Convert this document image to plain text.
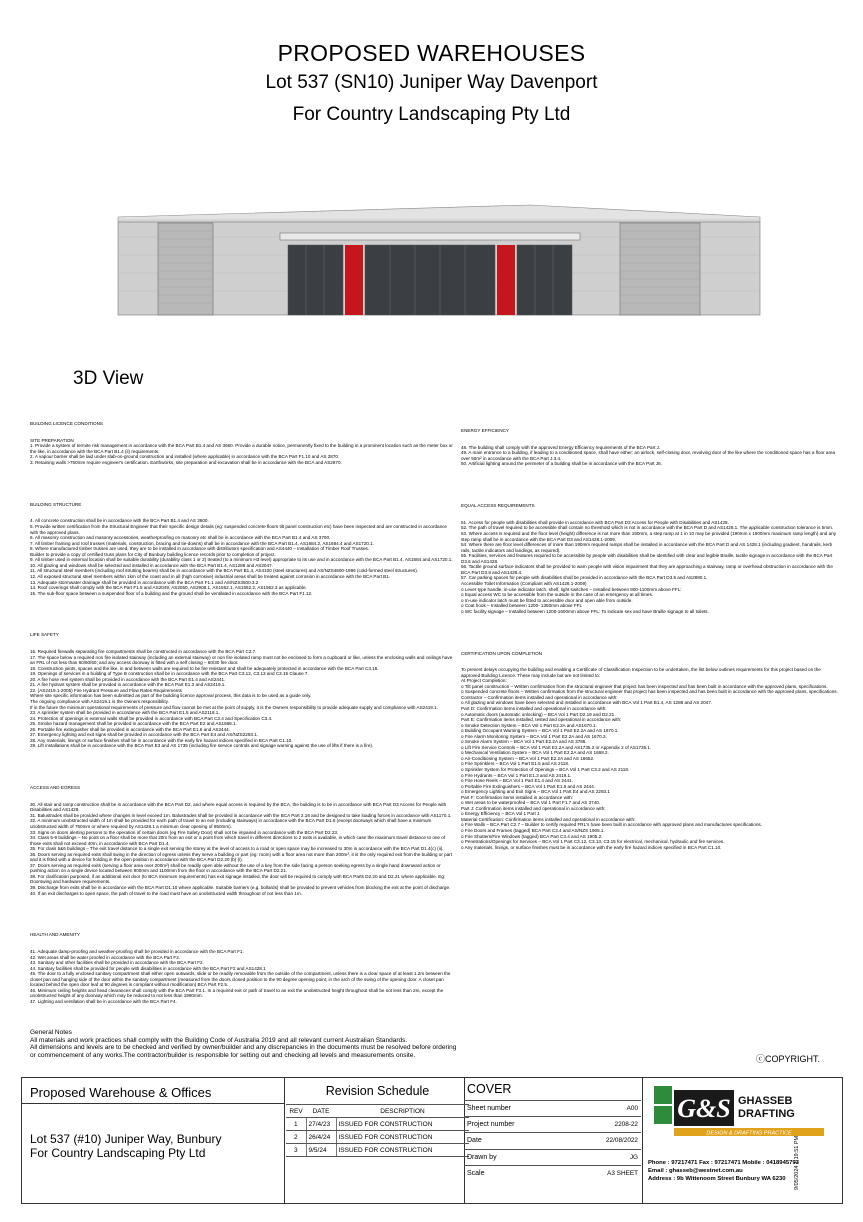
PROPOSED WAREHOUSES
Lot 537 (SN10) Juniper Way Davenport
For Country Landscaping Pty Ltd
3D View

BUILDING LICENCE CONDITIONS

SITE PREPARATION
1. Provide a system of termite risk management in accordance with the BCA Part B1.4 and AS 3660. Provide a durable notice, permanently fixed to the building in a prominent location such as the meter box or the like, in accordance with the BCA Part B1.4 (ii) requirements.
2. A vapour barrier shall be laid under slab-on-ground construction and installed (where applicable) in accordance with the BCA Part F1.10 and AS 2870.
3. Retaining walls >750mm require engineer's certification. Earthworks, site preparation and excavation shall be in accordance with the BCA and AS2870.

BUILDING STRUCTURE

4. All concrete construction shall be in accordance with the BCA Part B1.4 and AS 3600.
5. Provide written certification from the Structural Engineer that their specific design details (eg: suspended concrete floors tilt panel construction etc) have been inspected and are constructed in accordance with the approved plans.
6. All masonry construction and masonry accessories, weatherproofing on masonry etc shall be in accordance with the BCA Part B1.4 and AS 3700.
7. All timber framing and roof trusses (materials, construction, bracing and tie-downs) shall be in accordance with the BCA Part B1.4, AS1684.2, AS1684.4 and AS1720.1.
8. Where manufactured timber trusses are used, they are to be installed in accordance with distributors specification and AS4440 – Installation of Timber Roof Trusses.
Builder to provide a copy of certified truss plans for City of Bunbury building licence records prior to completion of project.
9. All timber used in external location shall be suitable durability (durability class 1 or 2) treated (to a minimum H3 level) appropriate to its use and in accordance with the BCA Part B1.4, AS1684 and AS1720.1.
10. All glazing and windows shall be selected and installed in accordance with the BCA Part B1.4, AS1288 and AS2047.
11. All structural steel members (including roof strutting beams) shall be in accordance with the BCA Part B1.4, AS4100 (steel structures) and AS/NZS4600-1996 (cold-formed steel structures).
12. All exposed structural steel members within 1km of the coast and in all (high corrosive) industrial areas shall be treated against corrosion in accordance with the BCA Part B1.
13. Adequate stormwater drainage shall be provided in accordance with the BCA Part F1.1 and AS/NZS3500.3.2
14. Roof coverings shall comply with the BCA Part F1.5 and AS2049, AS2050, AS2908.1, AS1562.1, AS1562.2, AS1562.3 as applicable.
15. The sub-floor space between a suspended floor of a building and the ground shall be ventilated in accordance with the BCA Part F1.12.

LIFE SAFETY

16. Required firewalls separating fire compartments shall be constructed in accordance with the BCA Part C2.7.
17. The space below a required non fire isolated stairway (including an external stairway) or non fire isolated ramp must not be enclosed to form a cupboard or like, unless the enclosing walls and ceilings have an FRL of not less than 60/60/60; and any access doorway is fitted with a self closing – 60/30 fire door.
18. Construction joints, spaces and the like, in and between walls are required to be fire resistant and shall be adequately protected in accordance with the BCA Part C3.16.
19. Openings of services in a building of Type B construction shall be in accordance with the BCA Part C3.12, C3.13 and C3.15 Clause 7.
20. A fire hose reel system shall be provided in accordance with the BCA Part E1.4 and AS2441.
21. A fire hydrant system shall be provided in accordance with the BCA Part E1.3 and AS2419.1.
22. (AS2419.1-2005) Fire Hydrant Pressure and Flow Rates Requirements
Where site specific information has been submitted as part of the building licence approval process, this data is to be used as a guide only.
The ongoing compliance with AS2419.1 is the Owners responsibility.
If in the future the minimum operational requirements of pressure and flow cannot be met at the point of supply, it is the Owners responsibility to provide adequate supply and compliance with AS2419.1.
23. A sprinkler system shall be provided in accordance with the BCA Part E1.5 and AS2118.1.
24. Protection of openings in external walls shall be provided in accordance with BCA Part C3.4 and Specification C3.4.
25. Smoke hazard management shall be provided in accordance with the BCA Part E2 and AS1668.1.
26. Portable fire extinguisher shall be provided in accordance with the BCA Part E1.6 and AS2444.
27. Emergency lighting and exit signs shall be provided in accordance with the BCA Part E4 and AS/NZS2293.1.
28. Any materials, linings or surface finishes shall be in accordance with the early fire hazard indices specified in BCA Part C1.10.
29. Lift installations shall be in accordance with the BCA Part E3 and AS 1735 (including fire service controls and signage warning against the use of lifts if there is a fire).

ACCESS AND EGRESS

30. All stair and ramp construction shall be in accordance with the BCA Part D2, and where equal access is required by the BCA, the building is to be in accordance with BCA Part D3 Access for People with Disabilities and AS1428.
31. Balustrades shall be provided where changes in level exceed 1m. Balustrades shall be provided in accordance with the BCA Part 2.16 and be designed to take loading forces in accordance with AS1170.1.
32. A minimum unobstructed width of 1m shall be provided for each path of travel to an exit (including stairways) in accordance with the BCA Part D1.6 (except doorways which shall have a minimum unobstructed width of 750mm or where required by AS1428.1 a minimum clear opening of 850mm).
33. Signs on doors alerting persons to the operation of certain doors (eg Fire Safety Door) shall not be impaired in accordance with the BCA Part D2.23.
34. Class 5-9 buildings – No point on a floor shall be more that 20m from an exit or a point from which travel in different directions to 2 exits is available, in which case the maximum travel distance to one of those exits shall not exceed 40m, in accordance with BCA Part D1.4.
35. For class 5&6 buildings – The exit travel distance to a single exit serving the storey at the level of access to a road or open space may be increased to 30m in accordance with the BCA Part D1.4(c) (ii).
36. Doors serving as required exits shall swing in the direction of egress unless they serve a building or part (eg: room) with a floor area not more than 200m², it is the only required exit from the building or part and it is fitted with a device for holding in the open position in accordance with the BCA Part D2.20 (b) (i).
37. Doors serving as required exits (serving a floor area over 200m²) shall be readily open able without the use of a key from the side facing a person seeking egress by a single hand downward action or pushing action on a single device located between 900mm and 1100mm from the floor in accordance with the BCA Part D2.21.
38. For clarification purposed, if an additional exit door (to BCA minimum requirements) has exit signage installed, the door will be required to comply with BCA Parts D2.20 and D2.21 where applicable. Eg: Doorswing and hardware requirements.
39. Discharge from exits shall be in accordance with the BCA Part D1.10 where applicable. Suitable barriers (e.g. bollards) shall be provided to prevent vehicles from blocking the exit at the point of discharge.
40. If an exit discharges to open space, the path of travel to the road must have an unobstructed width throughout of not less than 1m.

HEALTH AND AMENITY

41. Adequate damp-proofing and weather-proofing shall be provided in accordance with the BCA Part F1.
42. Wet areas shall be water proofed in accordance with the BCA Part F2.
43. Sanitary and other facilities shall be provided in accordance with the BCA Part F2.
44. Sanitary facilities shall be provided for people with disabilities in accordance with the BCA Part F2 and AS1428.1
45. The door to a fully enclosed sanitary compartment shall either open outwards, slide or be readily removable from the outside of the compartment, unless there is a clear space of at least 1.2m between the closet pan and hanging side of the door within the sanitary compartment (measured from the doors closed position to the 90 degree opening point, in the arch of the swing of the opening door. A closet pan located behind the open door leaf at 90 degrees is compliant without modification) BCA Part F2.5.
46. Minimum ceiling heights and head clearances shall comply with the BCA Part F3.1. In a required exit or path of travel to an exit the unobstructed height throughout shall be not less than 2m, except the unobstructed height of any doorway which may be reduced to not less than 1980mm.
47. Lighting and ventilation shall be in accordance with the BCA Part F4.

ENERGY EFFICIENCY

48. The building shall comply with the approved Energy Efficiency requirements of the BCA Part J.
49. A main entrance to a building, if leading to a conditioned space, shall have either: an airlock, self-closing door, revolving door of the like where the conditioned space has a floor area over 50m² in accordance with the BCA Part J.3.4.
50. Artificial lighting around the perimeter of a building shall be in accordance with the BCA Part J6.

EQUAL ACCESS REQUIREMENTS

51. Access for people with disabilities shall provide in accordance with BCA Part D3 Access for People with Disabilities and AS1428.
52. The path of travel required to be accessible shall contain no threshold which is not in accordance with the BCA Part D and AS1428.1. The applicable construction tolerance is 5mm.
53. Where access is required and the floor level (height) difference is not more than 190mm, a step ramp at 1 in 10 may be provided (190mm x 1900mm maximum ramp length) and any step ramp shall be in accordance with the BCA Part D3 and AS1428.1-2009.
54. Where there are floor level differences of more than 190mm required ramps shall be installed in accordance with the BCA Part D and AS 1428.1 (including gradient, handrails, kerb rails, tactile indicators and landings, as required).
55. Facilities, services and features required to be accessible by people with disabilities shall be identified with clear and legible Braille, tactile signage in accordance with the BCA Part D3.6 and AS1428.
56. Tactile ground surface indicators shall be provided to warn people with vision impairment that they are approaching a stairway, ramp or overhead obstruction in accordance with the BCA Part D3.8 and AS1428.4.
57. Car parking spaces for people with disabilities shall be provided in accordance with the BCA Part D3.5 and AS2890.1.
Accessible Toilet Information (Compliant with AS1428.1-2009)
o Lever type handle, in-use indicator latch, shelf, light switches – Installed between 900-1100mm above FFL:
o Equal access WC to be accessible from the outside in the case of an emergency at all times.
o In-use indicator latch must be fitted to accessible door and open able from outside.
o Coat hook – Installed between 1200- 1350mm above FFL
o WC facility signage – Installed between 1200-1600mm above FFL: To indicate sex and have Braille signage to all toilets.

CERTIFICATION UPON COMPLETION

To prevent delays occupying the building and enabling a Certificate of Classification Inspection to be undertaken, the list below outlines requirements for this project based on the approved Building Licence. These may include but are not limited to:
At Project Completion:
o Tilt panel construction – Written confirmation from the structural engineer that project has been inspected and has been built in accordance with the approved plans, specifications.
o Suspended concrete floors – Written confirmation from the structural engineer that project has been inspected and has been built in accordance with the approved plans, specifications.
Contractor – Confirmation items installed and operational in accordance with:
o All glazing and windows have been selected and installed in accordance with BCA Vol 1 Part B1.4, AS 1288 and AS 2047.
Part D: Confirmation items installed and operational in accordance with:
o Automatic doors (automatic unlocking) – BCA Vol 1 Part D2.19 and D2.21.
Part E: Confirmation items installed, tested and operational in accordance with:
o Smoke Detection System – BCA Vol 1 Part E2.2A and AS1670.1.
o Building Occupant Warning System – BCA Vol 1 Part E2.2A and AS 1670.1.
o Fire Alarm Monitoring System – BCA Vol 1 Part E2.2A and AS 1670.3.
o Smoke Alarm System – BCA Vol 1 Part E2.2A and AS 3786.
o Lift Fire Service Controls – BCA Vol 1 Part E2.2A and AS1735.2 or Appendix 2 of AS1735.1.
o Mechanical Ventilation System – BCA Vol 1 Part E2.2A and AS 1668.2.
o Air-Conditioning System – BCA Vol 1 Part E2.2A and AS 16652.
o Fire Sprinklers – BCA Vol 1 Part E1.5 and AS 2118.
o Sprinkler System for Protection of Openings – BCA Vol 1 Part C3.2 and AS 2118.
o Fire Hydrants – BCA Vol 1 Part E1.3 and AS 2419.1.
o Fire Hose Reels – BCA Vol 1 Part E1.4 and AS 2441.
o Portable Fire Extinguishers – BCA Vol 1 Part E1.6 and AS 2444.
o Emergency Lighting and Exit Signs – BCA Vol 1 Part E4 and AS 2293.1
Part F: Confirmation items installed in accordance with:
o Wet areas to be waterproofed – BCA Vol 1 Part F1.7 and AS 3740.
Part J: Confirmation items installed and operational in accordance with:
o Energy Efficiency – BCA Vol 1 Part J.
Material Certification: Confirmation items installed and operational in accordance with:
o Fire Walls – BCA Part C2.7 – Builder to certify required FRL's have been built in accordance with approved plans and manufactures specifications.
o Fire Doors and Frames (tagged) BCA Part C3.4 and AS/NZS 1905.1.
o Fire Shutters/Fire Windows (tagged) BCA Part C3.4 and AS 1905.2.
o Penetrations/Openings for Services – BCA Vol 1 Part C3.12, C3.13, C3.15 for electrical, mechanical, hydraulic and fire services.
o Any materials, linings, or surface finishes must be in accordance with the early fire hazard indices specified in BCA Part C1.10.

General Notes
All materials and work practices shall comply with the Building Code of Australia 2019 and all relevant current Australian Standards.
All dimensions and levels are to be checked and verified by owner/builder and any discrepancies in the documents must be resolved before ordering
or commencement of any works.The contractor/builder is responsible for setting out and checking all levels and measurements onsite.	ⓒCOPYRIGHT.
Proposed Warehouse & Offices
Lot 537 (#10) Juniper Way, Bunbury
For Country Landscaping Pty Ltd
Revision Schedule
REV	DATE	DESCRIPTION
1	27/4/23	ISSUED FOR CONSTRUCTION
2	26/4/24	ISSUED FOR CONSTRUCTION
3	9/5/24	ISSUED FOR CONSTRUCTION
COVER
Sheet number	A00
Project number	2208-22
Date	22/08/2022
Drawn by	JG
Scale	A3 SHEET
G&S GHASSEB
DRAFTING
DESIGN & DRAFTING PRACTICE
Phone : 97217471 Fax : 97217471 Mobile : 0418945793
Email : ghasseb@westnet.com.au
Address : 9b Wittenoom Street Bunbury WA 6230	9/05/2024 1:19:51 PM
